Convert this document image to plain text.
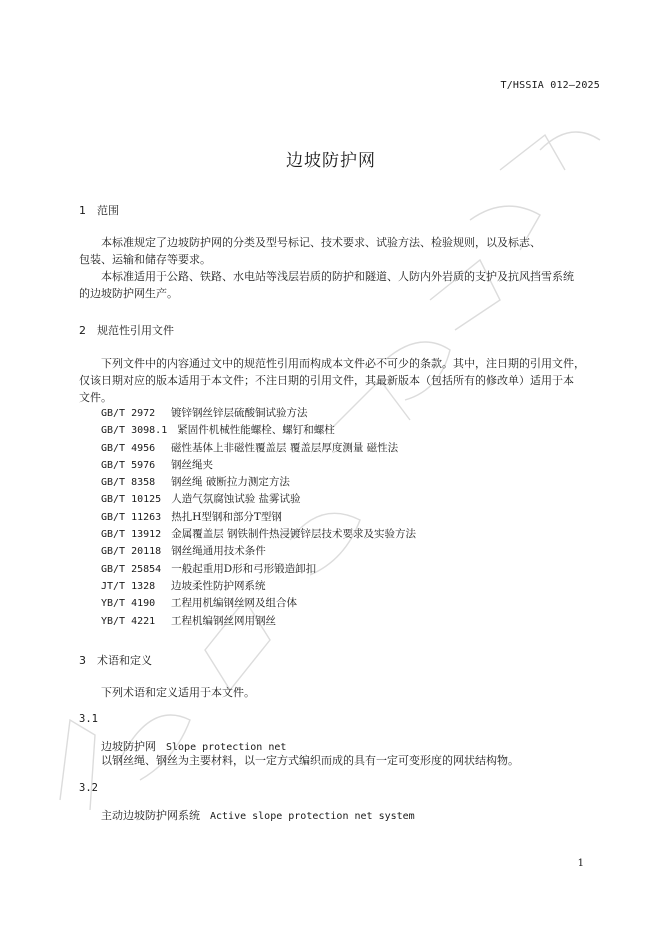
T/HSSIA 012—2025
边坡防护网
1 范围
本标准规定了边坡防护网的分类及型号标记、技术要求、试验方法、检验规则，以及标志、
包装、运输和储存等要求。
本标准适用于公路、铁路、水电站等浅层岩质的防护和隧道、人防内外岩质的支护及抗风挡雪系统
的边坡防护网生产。
2 规范性引用文件
下列文件中的内容通过文中的规范性引用而构成本文件必不可少的条款。其中，注日期的引用文件，
仅该日期对应的版本适用于本文件；不注日期的引用文件，其最新版本（包括所有的修改单）适用于本
文件。
GB/T 2972 镀锌钢丝锌层硫酸铜试验方法
GB/T 3098.1 紧固件机械性能螺栓、螺钉和螺柱
GB/T 4956 磁性基体上非磁性覆盖层 覆盖层厚度测量 磁性法
GB/T 5976 钢丝绳夹
GB/T 8358 钢丝绳 破断拉力测定方法
GB/T 10125 人造气氛腐蚀试验 盐雾试验
GB/T 11263 热扎H型钢和部分T型钢
GB/T 13912 金属覆盖层 钢铁制件热浸镀锌层技术要求及实验方法
GB/T 20118 钢丝绳通用技术条件
GB/T 25854 一般起重用D形和弓形锻造卸扣
JT/T 1328 边坡柔性防护网系统
YB/T 4190 工程用机编钢丝网及组合体
YB/T 4221 工程机编钢丝网用钢丝
3 术语和定义
下列术语和定义适用于本文件。
3.1
边坡防护网 Slope protection net
以钢丝绳、钢丝为主要材料，以一定方式编织而成的具有一定可变形度的网状结构物。
3.2
主动边坡防护网系统 Active slope protection net system
1
